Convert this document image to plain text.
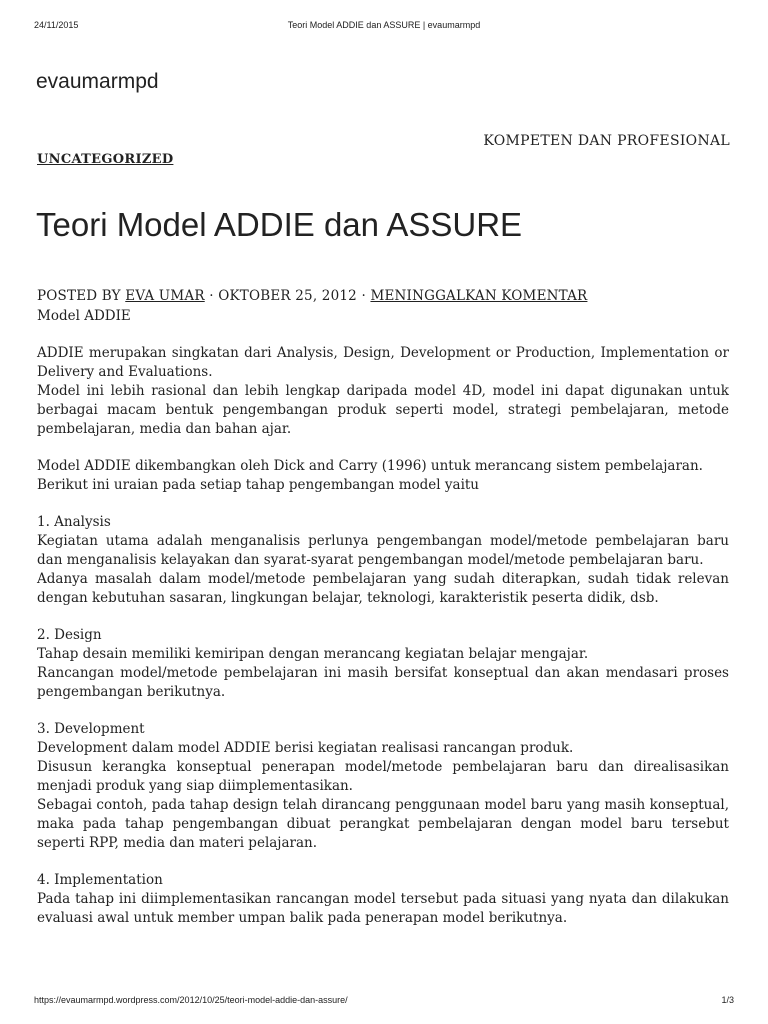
24/11/2015	Teori Model ADDIE dan ASSURE | evaumarmpd
evaumarmpd
KOMPETEN DAN PROFESIONAL
UNCATEGORIZED
Teori Model ADDIE dan ASSURE
POSTED BY EVA UMAR · OKTOBER 25, 2012 · MENINGGALKAN KOMENTAR

Model ADDIE

ADDIE merupakan singkatan dari Analysis, Design, Development or Production, Implementation or Delivery and Evaluations.

Model ini lebih rasional dan lebih lengkap daripada model 4D, model ini dapat digunakan untuk berbagai macam bentuk pengembangan produk seperti model, strategi pembelajaran, metode pembelajaran, media dan bahan ajar.

Model ADDIE dikembangkan oleh Dick and Carry (1996) untuk merancang sistem pembelajaran.

Berikut ini uraian pada setiap tahap pengembangan model yaitu

1. Analysis

Kegiatan utama adalah menganalisis perlunya pengembangan model/metode pembelajaran baru dan menganalisis kelayakan dan syarat-syarat pengembangan model/metode pembelajaran baru.

Adanya masalah dalam model/metode pembelajaran yang sudah diterapkan, sudah tidak relevan dengan kebutuhan sasaran, lingkungan belajar, teknologi, karakteristik peserta didik, dsb.

2. Design

Tahap desain memiliki kemiripan dengan merancang kegiatan belajar mengajar.

Rancangan model/metode pembelajaran ini masih bersifat konseptual dan akan mendasari proses pengembangan berikutnya.

3. Development

Development dalam model ADDIE berisi kegiatan realisasi rancangan produk.

Disusun kerangka konseptual penerapan model/metode pembelajaran baru dan direalisasikan menjadi produk yang siap diimplementasikan.

Sebagai contoh, pada tahap design telah dirancang penggunaan model baru yang masih konseptual, maka pada tahap pengembangan dibuat perangkat pembelajaran dengan model baru tersebut seperti RPP, media dan materi pelajaran.

4. Implementation

Pada tahap ini diimplementasikan rancangan model tersebut pada situasi yang nyata dan dilakukan evaluasi awal untuk member umpan balik pada penerapan model berikutnya.

https://evaumarmpd.wordpress.com/2012/10/25/teori-model-addie-dan-assure/	1/3
